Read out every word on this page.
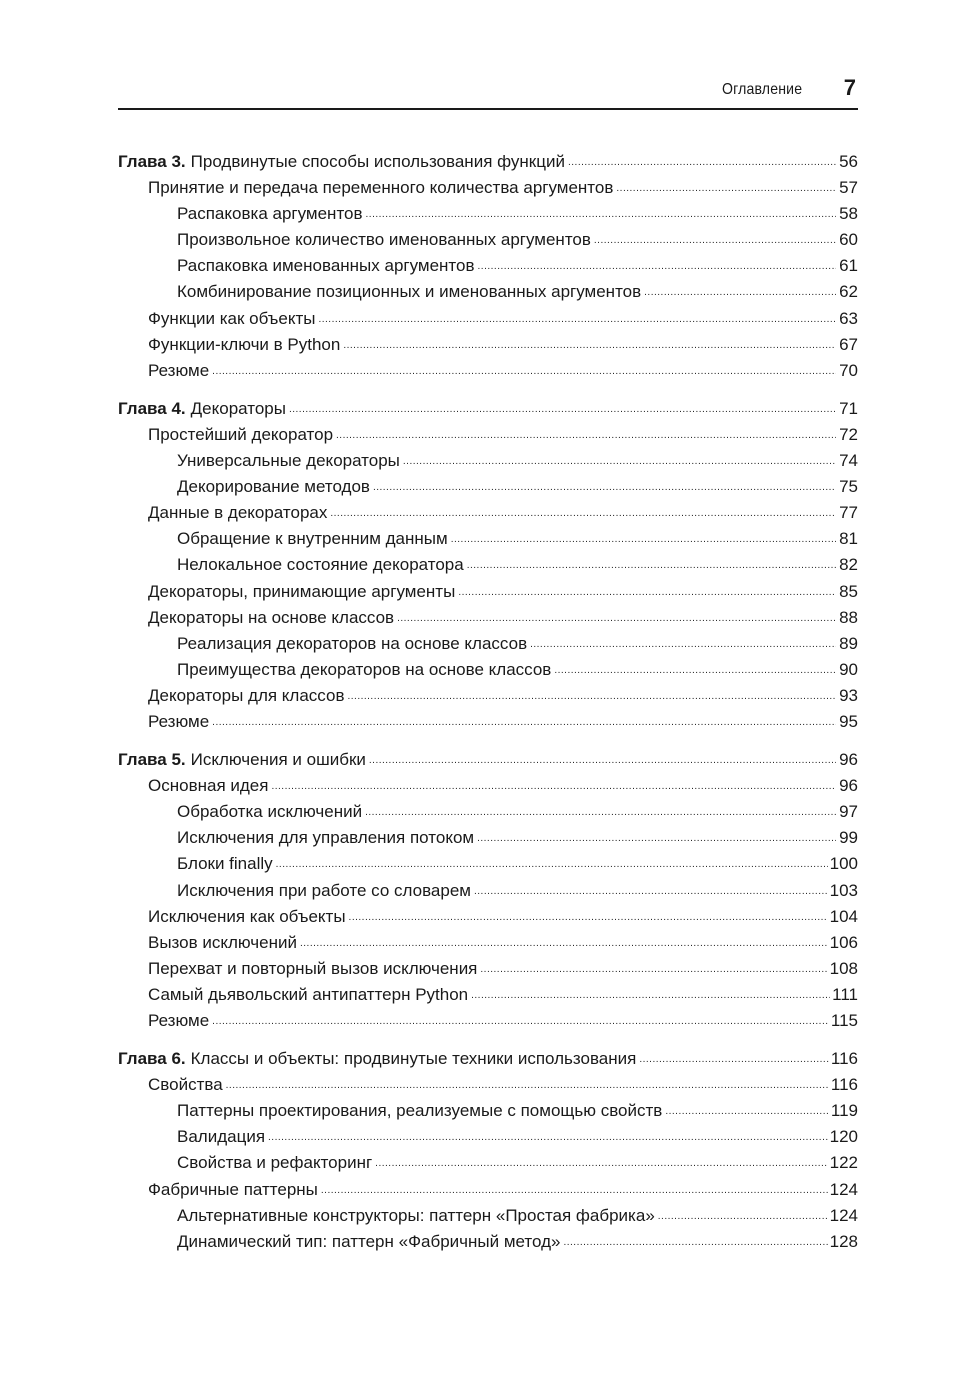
Оглавление 7
Глава 3. Продвинутые способы использования функций .....	56
Принятие и передача переменного количества аргументов .....	57
Распаковка аргументов .....	58
Произвольное количество именованных аргументов .....	60
Распаковка именованных аргументов .....	61
Комбинирование позиционных и именованных аргументов .....	62
Функции как объекты .....	63
Функции-ключи в Python .....	67
Резюме .....	70
Глава 4. Декораторы .....	71
Простейший декоратор .....	72
Универсальные декораторы .....	74
Декорирование методов .....	75
Данные в декораторах .....	77
Обращение к внутренним данным .....	81
Нелокальное состояние декоратора .....	82
Декораторы, принимающие аргументы .....	85
Декораторы на основе классов .....	88
Реализация декораторов на основе классов .....	89
Преимущества декораторов на основе классов .....	90
Декораторы для классов .....	93
Резюме .....	95
Глава 5. Исключения и ошибки .....	96
Основная идея .....	96
Обработка исключений .....	97
Исключения для управления потоком .....	99
Блоки finally .....	100
Исключения при работе со словарем .....	103
Исключения как объекты .....	104
Вызов исключений .....	106
Перехват и повторный вызов исключения .....	108
Самый дьявольский антипаттерн Python .....	111
Резюме .....	115
Глава 6. Классы и объекты: продвинутые техники использования .....	116
Свойства .....	116
Паттерны проектирования, реализуемые с помощью свойств .....	119
Валидация .....	120
Свойства и рефакторинг .....	122
Фабричные паттерны .....	124
Альтернативные конструкторы: паттерн «Простая фабрика» .....	124
Динамический тип: паттерн «Фабричный метод» .....	128
